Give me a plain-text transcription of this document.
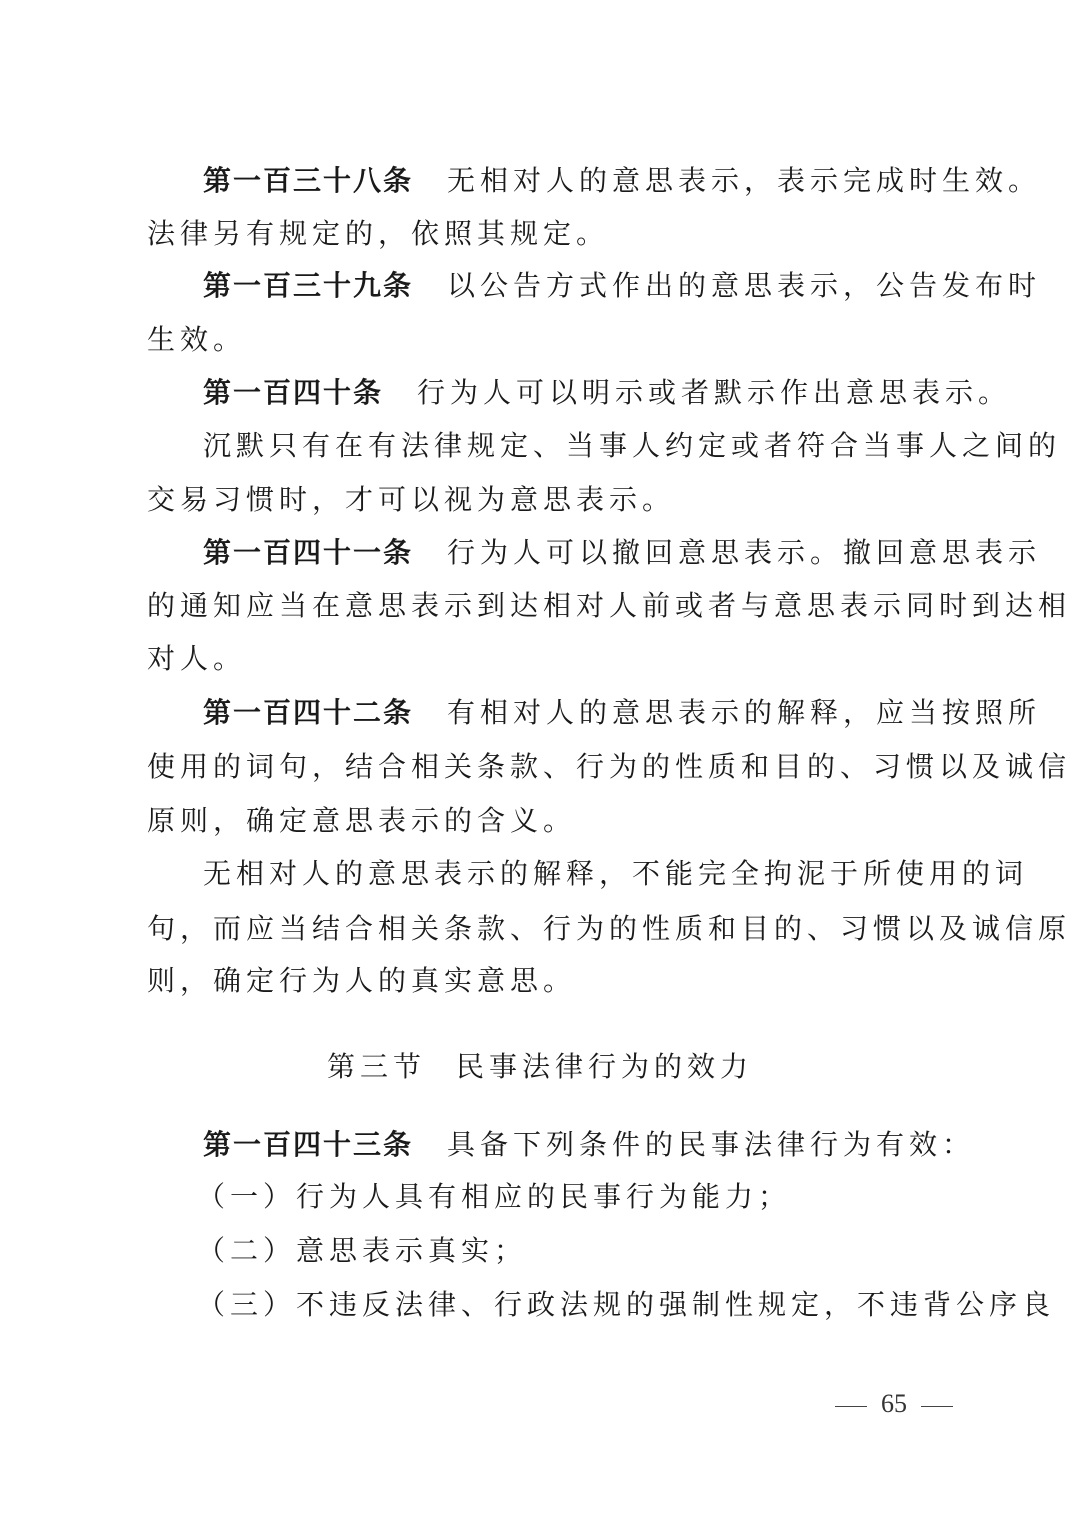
第一百三十八条 无相对人的意思表示，表示完成时生效。
法律另有规定的，依照其规定。
第一百三十九条 以公告方式作出的意思表示，公告发布时
生效。
第一百四十条 行为人可以明示或者默示作出意思表示。
沉默只有在有法律规定、当事人约定或者符合当事人之间的
交易习惯时，才可以视为意思表示。
第一百四十一条 行为人可以撤回意思表示。撤回意思表示
的通知应当在意思表示到达相对人前或者与意思表示同时到达相
对人。
第一百四十二条 有相对人的意思表示的解释，应当按照所
使用的词句，结合相关条款、行为的性质和目的、习惯以及诚信
原则，确定意思表示的含义。
无相对人的意思表示的解释，不能完全拘泥于所使用的词
句，而应当结合相关条款、行为的性质和目的、习惯以及诚信原
则，确定行为人的真实意思。
第三节 民事法律行为的效力
第一百四十三条 具备下列条件的民事法律行为有效：
（一）行为人具有相应的民事行为能力；
（二）意思表示真实；
（三）不违反法律、行政法规的强制性规定，不违背公序良
65
